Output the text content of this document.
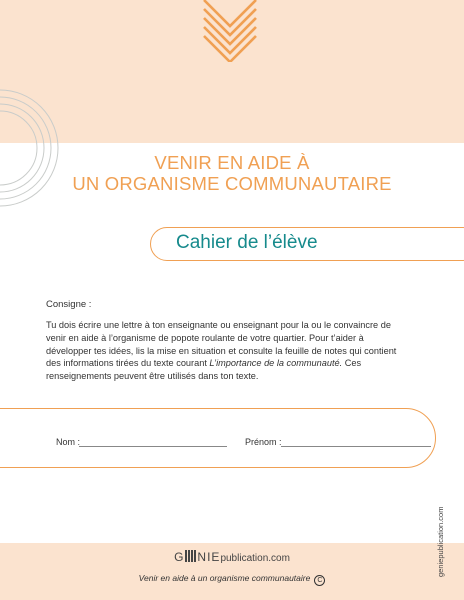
VENIR EN AIDE À
UN ORGANISME COMMUNAUTAIRE
Cahier de l’élève
Consigne :
Tu dois écrire une lettre à ton enseignante ou enseignant pour la ou le convaincre de venir en aide à l’organisme de popote roulante de votre quartier. Pour t’aider à développer tes idées, lis la mise en situation et consulte la feuille de notes qui contient des informations tirées du texte courant L’importance de la communauté. Ces renseignements peuvent être utilisés dans ton texte.
Nom :	Prénom :
geniepublication.com
G NIEpublication.com
Venir en aide à un organisme communautaire C
